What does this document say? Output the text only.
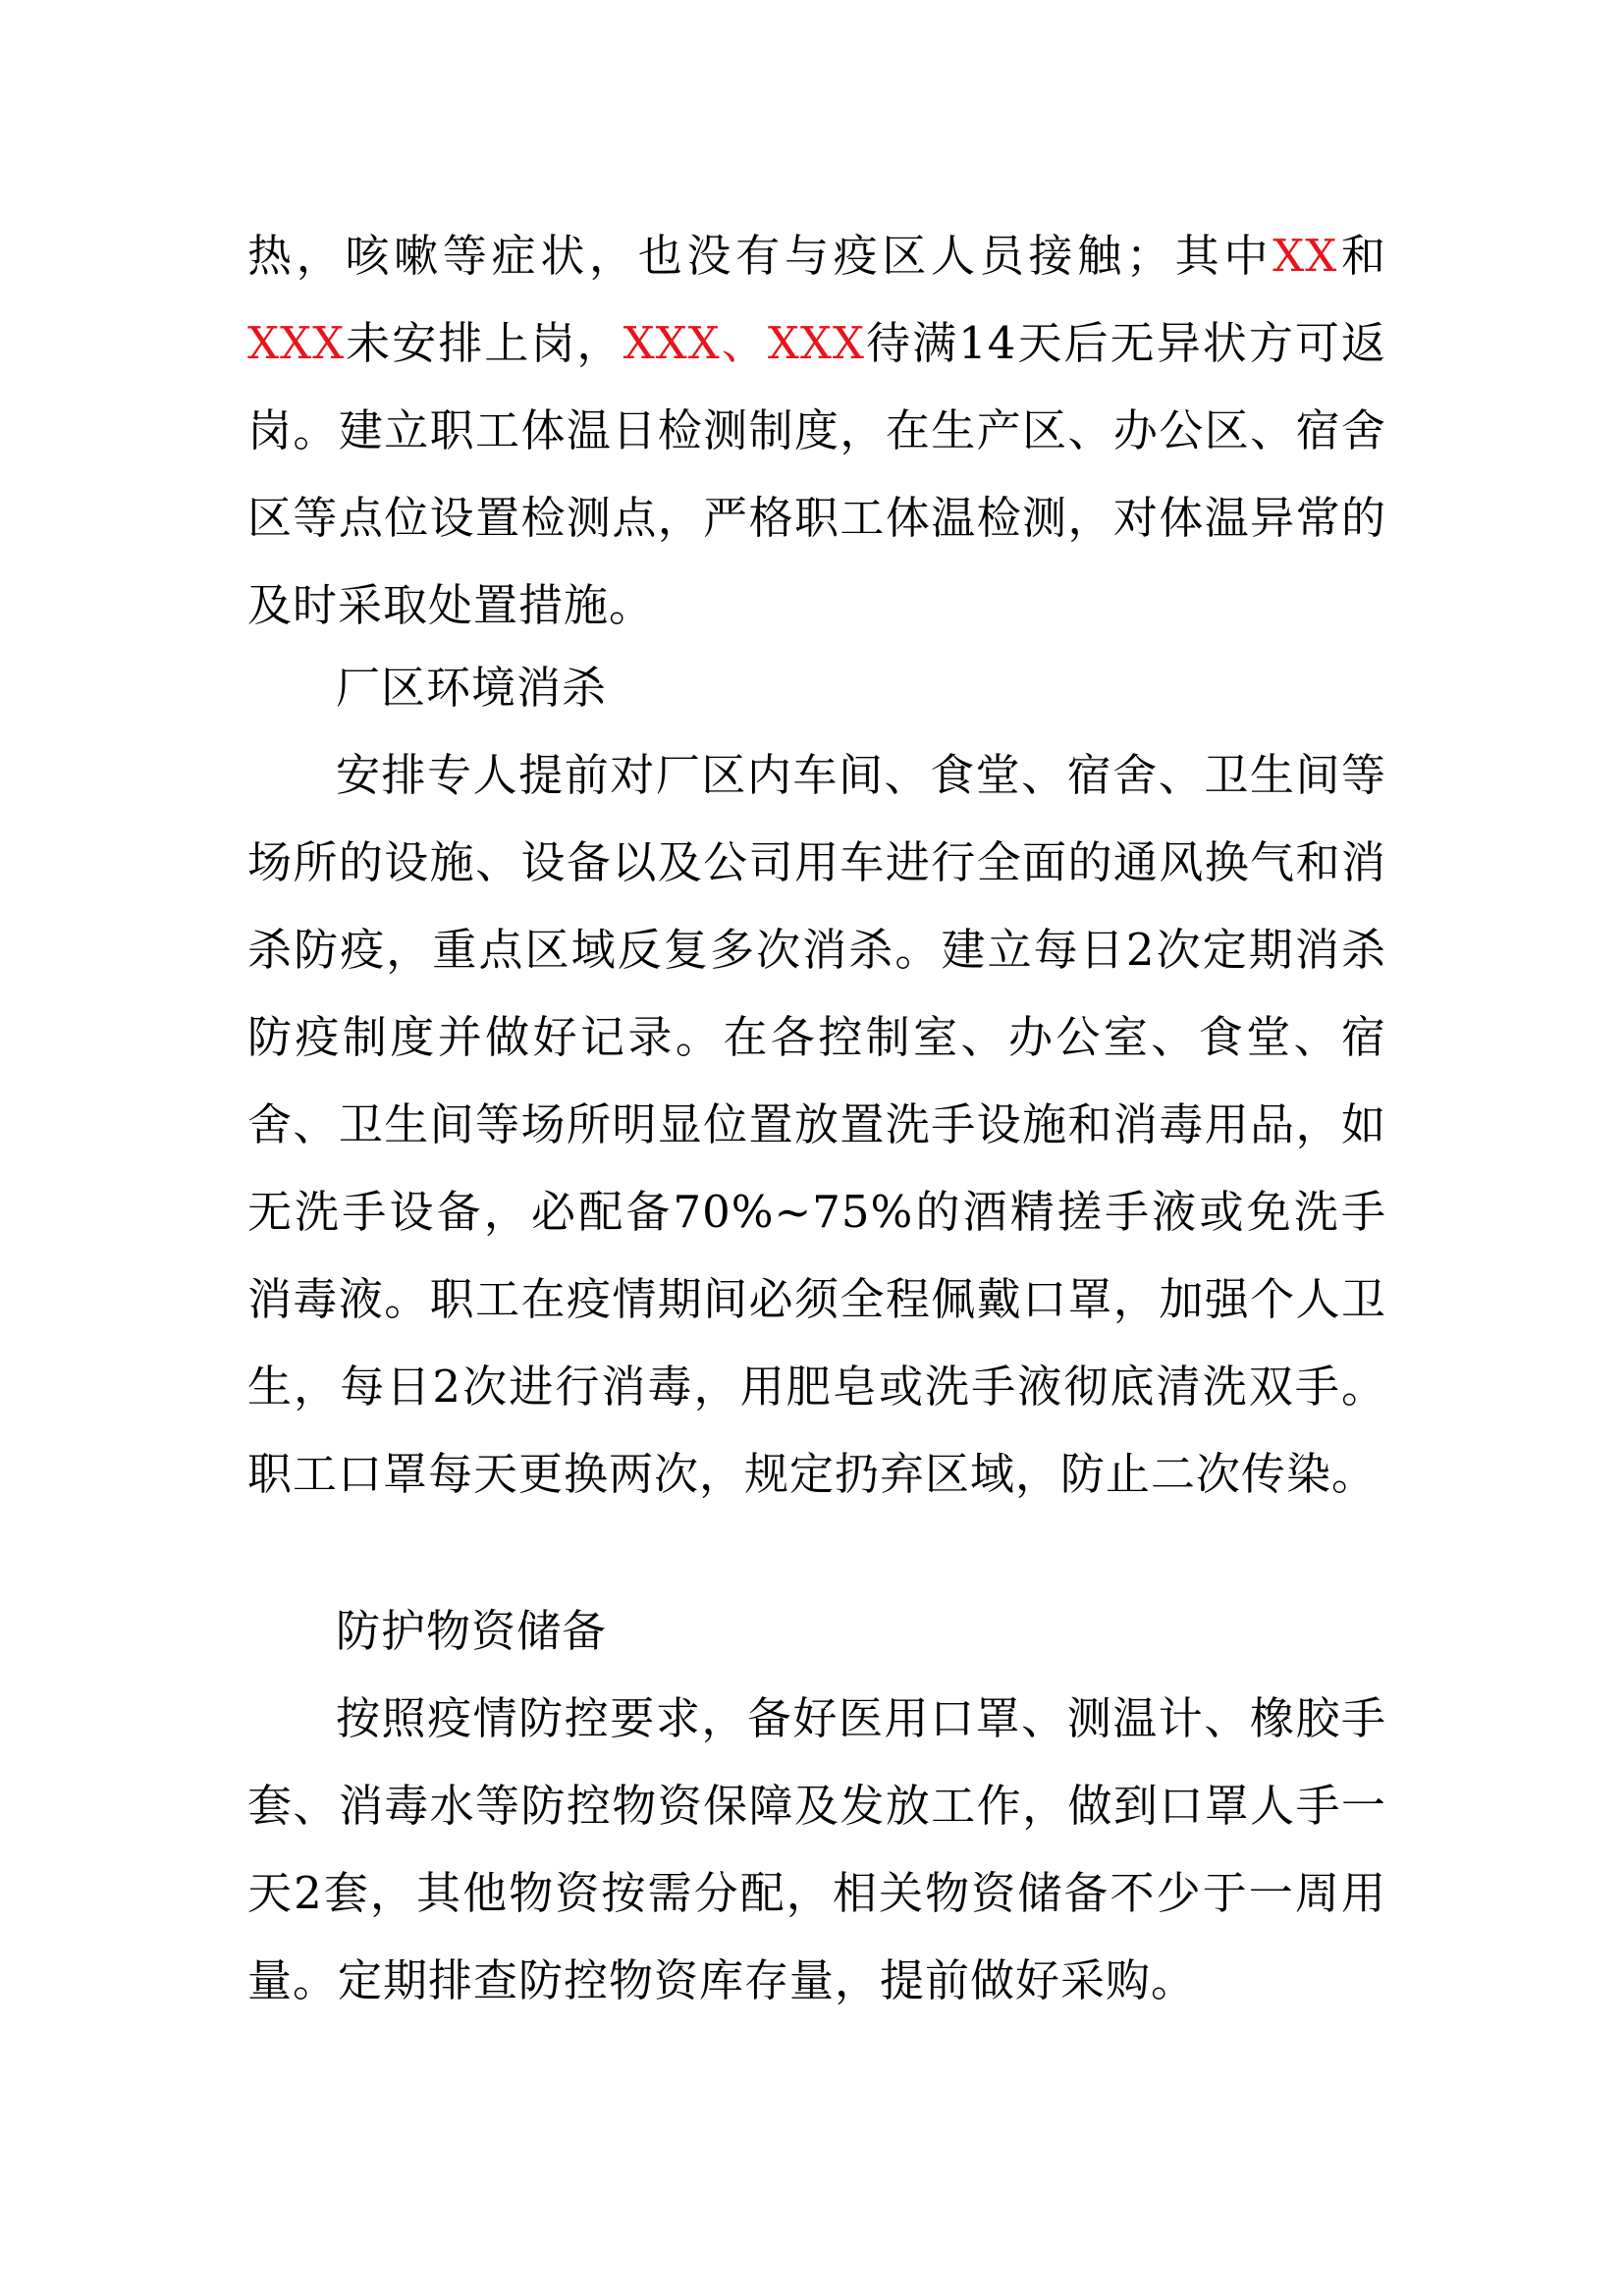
热，咳嗽等症状，也没有与疫区人员接触；其中XX和XXX未安排上岗，XXX、XXX待满14天后无异状方可返岗。建立职工体温日检测制度，在生产区、办公区、宿舍区等点位设置检测点，严格职工体温检测，对体温异常的及时采取处置措施。

厂区环境消杀

安排专人提前对厂区内车间、食堂、宿舍、卫生间等场所的设施、设备以及公司用车进行全面的通风换气和消杀防疫，重点区域反复多次消杀。建立每日2次定期消杀防疫制度并做好记录。在各控制室、办公室、食堂、宿舍、卫生间等场所明显位置放置洗手设施和消毒用品，如无洗手设备，必配备70%~75%的酒精搓手液或免洗手消毒液。职工在疫情期间必须全程佩戴口罩，加强个人卫生，每日2次进行消毒，用肥皂或洗手液彻底清洗双手。职工口罩每天更换两次，规定扔弃区域，防止二次传染。

防护物资储备

按照疫情防控要求，备好医用口罩、测温计、橡胶手套、消毒水等防控物资保障及发放工作，做到口罩人手一天2套，其他物资按需分配，相关物资储备不少于一周用量。定期排查防控物资库存量，提前做好采购。
